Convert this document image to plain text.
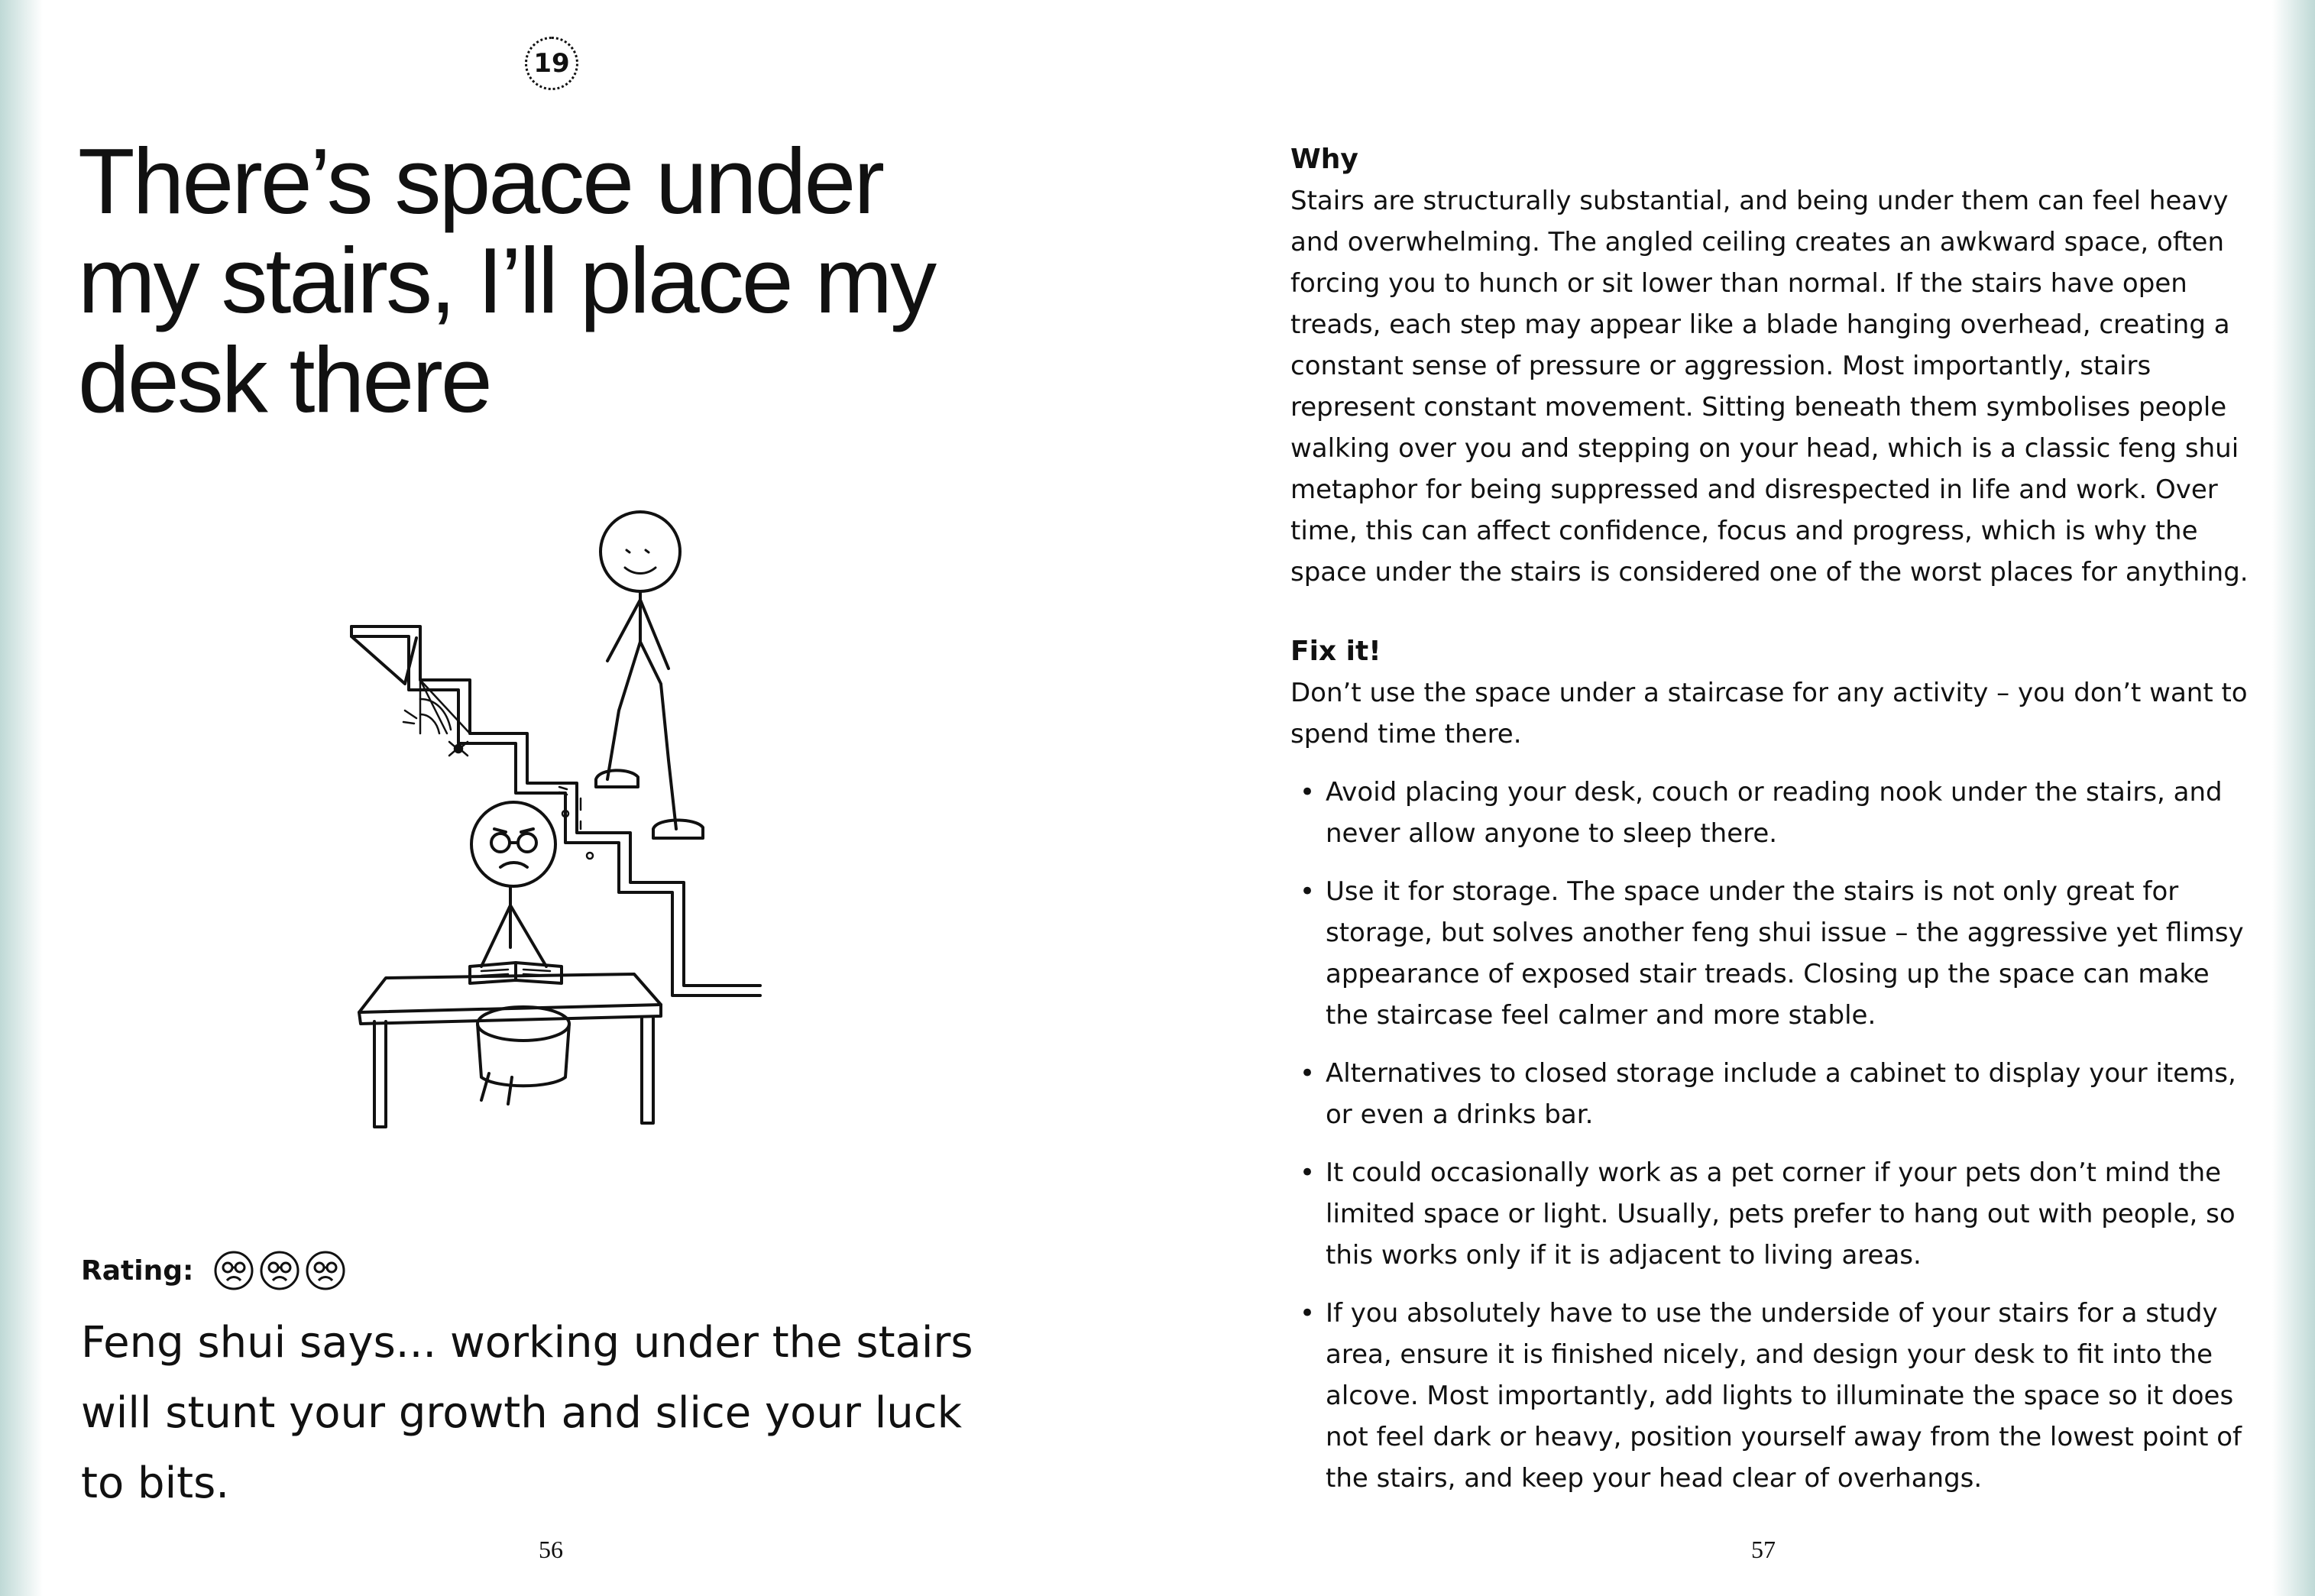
19
There’s space under my stairs, I’ll place my desk there
Rating:

Feng shui says... working under the stairs will stunt your growth and slice your luck to bits.

Why

Stairs are structurally substantial, and being under them can feel heavy and overwhelming. The angled ceiling creates an awkward space, often forcing you to hunch or sit lower than normal. If the stairs have open treads, each step may appear like a blade hanging overhead, creating a constant sense of pressure or aggression. Most importantly, stairs represent constant movement. Sitting beneath them symbolises people walking over you and stepping on your head, which is a classic feng shui metaphor for being suppressed and disrespected in life and work. Over time, this can affect confidence, focus and progress, which is why the space under the stairs is considered one of the worst places for anything.

Fix it!

Don’t use the space under a staircase for any activity – you don’t want to spend time there.

• Avoid placing your desk, couch or reading nook under the stairs, and never allow anyone to sleep there.
• Use it for storage. The space under the stairs is not only great for storage, but solves another feng shui issue – the aggressive yet flimsy appearance of exposed stair treads. Closing up the space can make the staircase feel calmer and more stable.
• Alternatives to closed storage include a cabinet to display your items, or even a drinks bar.
• It could occasionally work as a pet corner if your pets don’t mind the limited space or light. Usually, pets prefer to hang out with people, so this works only if it is adjacent to living areas.
• If you absolutely have to use the underside of your stairs for a study area, ensure it is finished nicely, and design your desk to fit into the alcove. Most importantly, add lights to illuminate the space so it does not feel dark or heavy, position yourself away from the lowest point of the stairs, and keep your head clear of overhangs.
56	57
